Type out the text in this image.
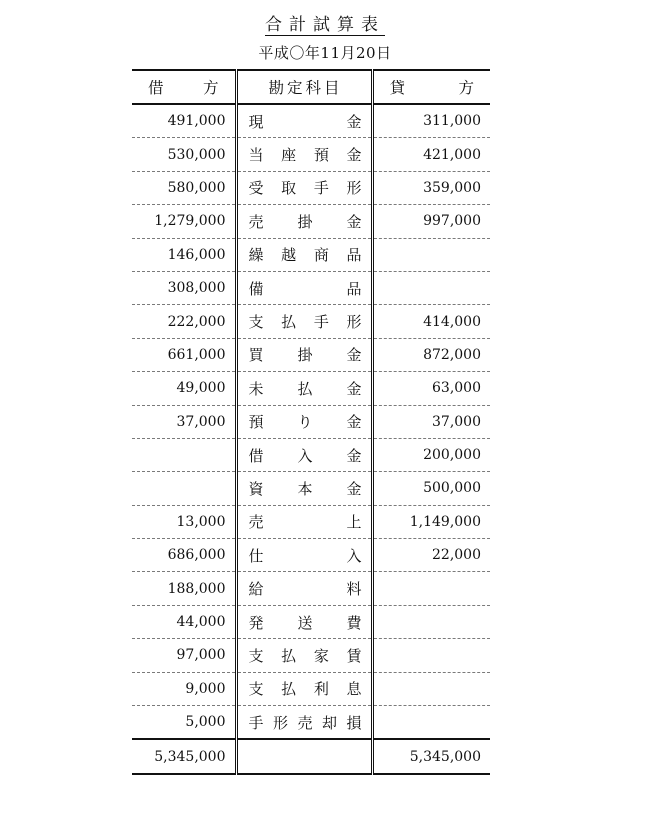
合計試算表
平成〇年11月20日
借 方	勘 定 科 目	貸 方

491,000	現 金	311,000
530,000	当 座 預 金	421,000
580,000	受 取 手 形	359,000
1,279,000	売 掛 金	997,000
146,000	繰 越 商 品	

308,000	備 品	

222,000	支 払 手 形	414,000
661,000	買 掛 金	872,000
49,000	未 払 金	63,000
37,000	預 り 金	37,000

	借 入 金	200,000

	資 本 金	500,000
13,000	売 上	1,149,000
686,000	仕 入	22,000
188,000	給 料	

44,000	発 送 費	

97,000	支 払 家 賃	

9,000	支 払 利 息	

5,000	手 形 売 却 損	

5,345,000		5,345,000
